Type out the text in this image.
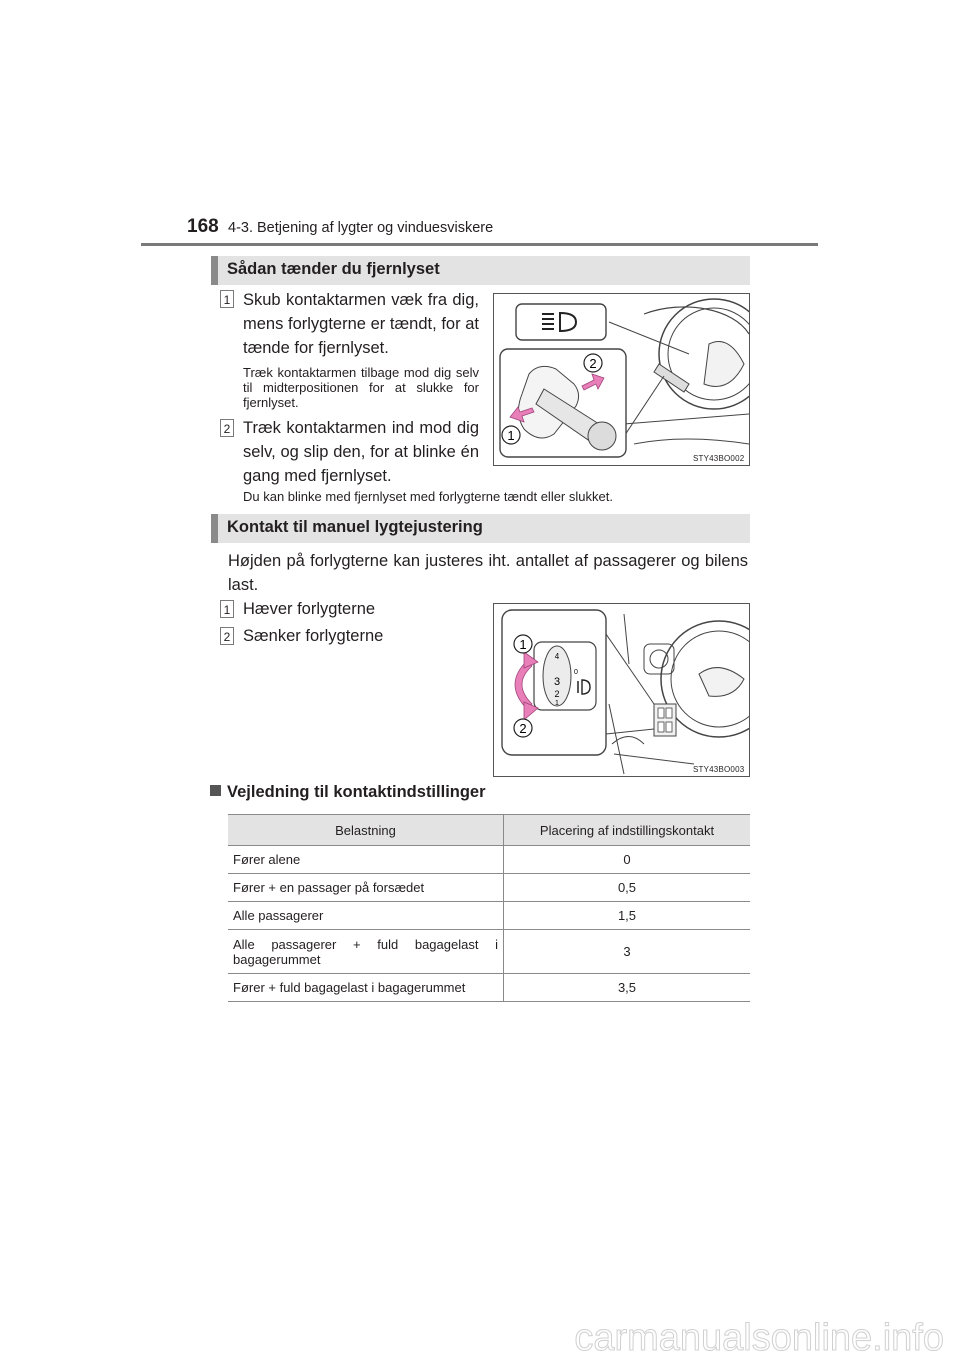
168 4-3. Betjening af lygter og vinduesviskere
Sådan tænder du fjernlyset
1 Skub kontaktarmen væk fra dig, mens forlygterne er tændt, for at tænde for fjernlyset.
Træk kontaktarmen tilbage mod dig selv til midterpositionen for at slukke for fjernlyset.
2 Træk kontaktarmen ind mod dig selv, og slip den, for at blinke én gang med fjernlyset.
Du kan blinke med fjernlyset med forlygterne tændt eller slukket.
2
1
STY43BO002
Kontakt til manuel lygtejustering
Højden på forlygterne kan justeres iht. antallet af passagerer og bilens last.
1 Hæver forlygterne
2 Sænker forlygterne
4
3
2
1
0
1
2
STY43BO003
Vejledning til kontaktindstillinger
Belastning	Placering af indstillingskontakt
Fører alene	0
Fører + en passager på forsædet	0,5
Alle passagerer	1,5
Alle passagerer + fuld bagagelast i bagagerummet	3
Fører + fuld bagagelast i bagagerummet	3,5
carmanualsonline.info
